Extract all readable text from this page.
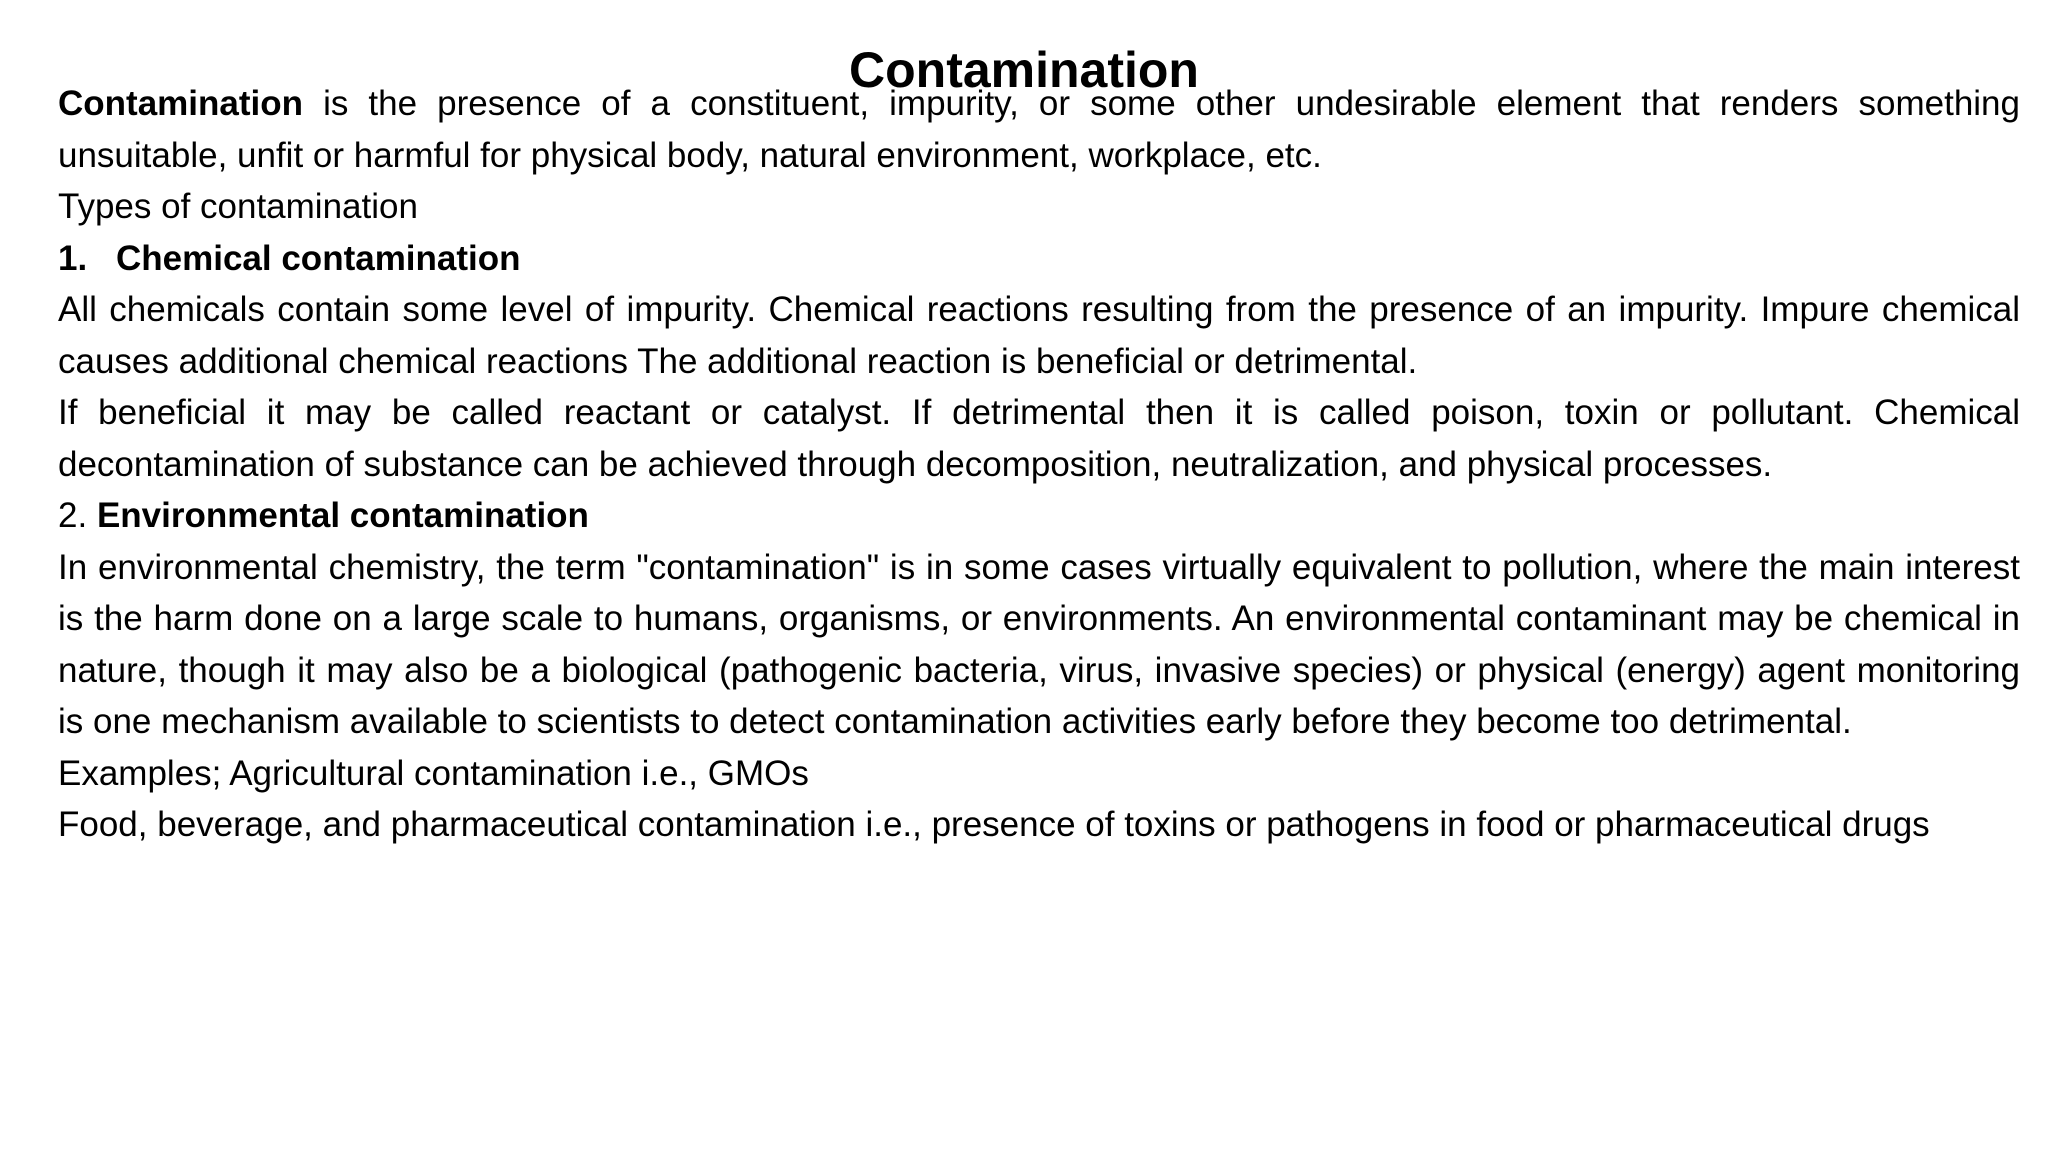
Contamination

Contamination is the presence of a constituent, impurity, or some other undesirable element that renders something unsuitable, unfit or harmful for physical body, natural environment, workplace, etc.

Types of contamination

1. Chemical contamination

All chemicals contain some level of impurity. Chemical reactions resulting from the presence of an impurity. Impure chemical causes additional chemical reactions The additional reaction is beneficial or detrimental.

If beneficial it may be called reactant or catalyst. If detrimental then it is called poison, toxin or pollutant. Chemical decontamination of substance can be achieved through decomposition, neutralization, and physical processes.

2. Environmental contamination

In environmental chemistry, the term "contamination" is in some cases virtually equivalent to pollution, where the main interest is the harm done on a large scale to humans, organisms, or environments. An environmental contaminant may be chemical in nature, though it may also be a biological (pathogenic bacteria, virus, invasive species) or physical (energy) agent monitoring is one mechanism available to scientists to detect contamination activities early before they become too detrimental.

Examples; Agricultural contamination i.e., GMOs

Food, beverage, and pharmaceutical contamination i.e., presence of toxins or pathogens in food or pharmaceutical drugs
